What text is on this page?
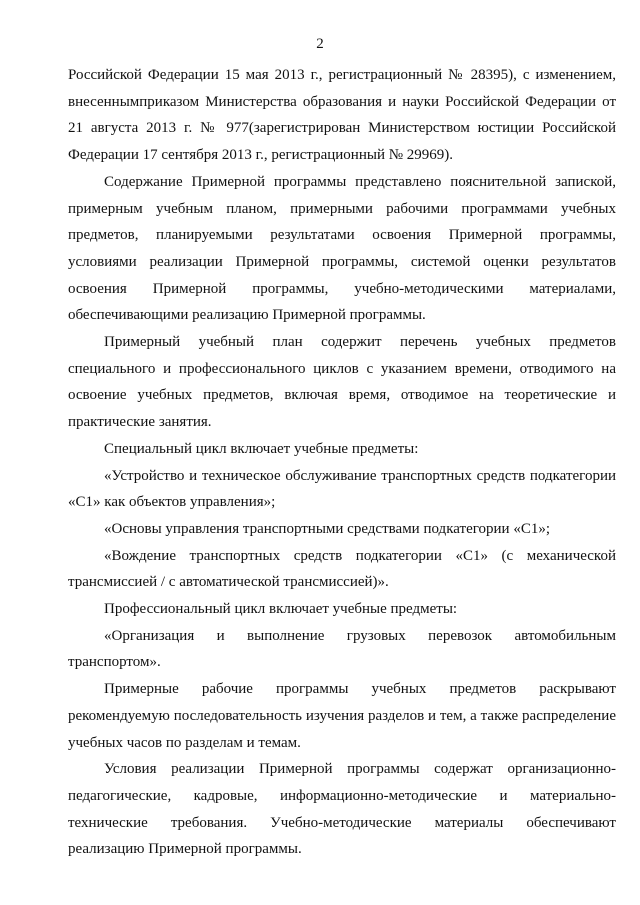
2

Российской Федерации 15 мая 2013 г., регистрационный № 28395), с изменением, внесеннымприказом Министерства образования и науки Российской Федерации от 21 августа 2013 г. № 977(зарегистрирован Министерством юстиции Российской Федерации 17 сентября 2013 г., регистрационный № 29969).

Содержание Примерной программы представлено пояснительной запиской, примерным учебным планом, примерными рабочими программами учебных предметов, планируемыми результатами освоения Примерной программы, условиями реализации Примерной программы, системой оценки результатов освоения Примерной программы, учебно-методическими материалами, обеспечивающими реализацию Примерной программы.

Примерный учебный план содержит перечень учебных предметов специального и профессионального циклов с указанием времени, отводимого на освоение учебных предметов, включая время, отводимое на теоретические и практические занятия.

Специальный цикл включает учебные предметы:

«Устройство и техническое обслуживание транспортных средств подкатегории «С1» как объектов управления»;

«Основы управления транспортными средствами подкатегории «С1»;

«Вождение транспортных средств подкатегории «С1» (с механической трансмиссией / с автоматической трансмиссией)».

Профессиональный цикл включает учебные предметы:

«Организация и выполнение грузовых перевозок автомобильным транспортом».

Примерные рабочие программы учебных предметов раскрывают рекомендуемую последовательность изучения разделов и тем, а также распределение учебных часов по разделам и темам.

Условия реализации Примерной программы содержат организационно-педагогические, кадровые, информационно-методические и материально-технические требования. Учебно-методические материалы обеспечивают реализацию Примерной программы.
